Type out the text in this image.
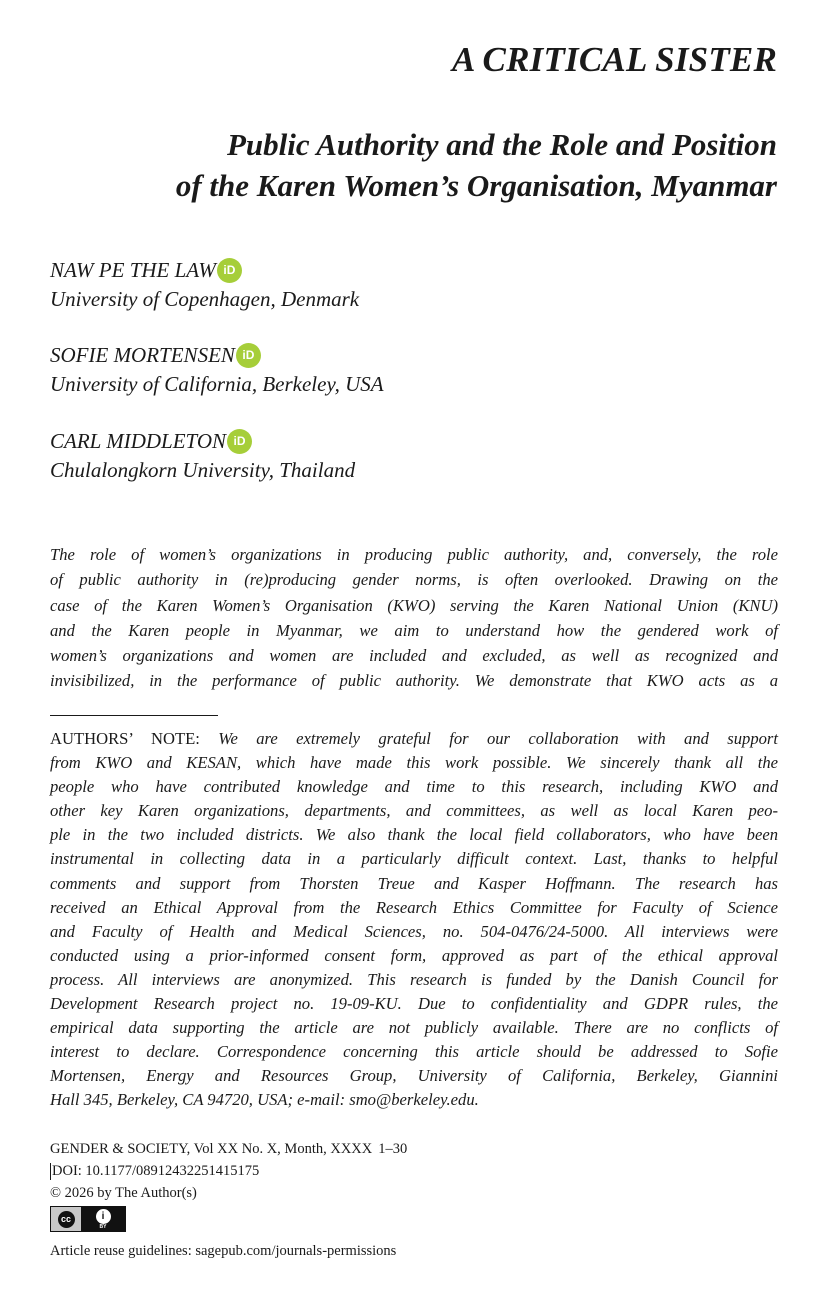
A CRITICAL SISTER
Public Authority and the Role and Position
of the Karen Women’s Organisation, Myanmar
NAW PE THE LAW iD
University of Copenhagen, Denmark
SOFIE MORTENSEN iD
University of California, Berkeley, USA
CARL MIDDLETON iD
Chulalongkorn University, Thailand
The role of women’s organizations in producing public authority, and, conversely, the role
of public authority in (re)producing gender norms, is often overlooked. Drawing on the
case of the Karen Women’s Organisation (KWO) serving the Karen National Union (KNU)
and the Karen people in Myanmar, we aim to understand how the gendered work of
women’s organizations and women are included and excluded, as well as recognized and
invisibilized, in the performance of public authority. We demonstrate that KWO acts as a
AUTHORS’ NOTE: We are extremely grateful for our collaboration with and support
from KWO and KESAN, which have made this work possible. We sincerely thank all the
people who have contributed knowledge and time to this research, including KWO and
other key Karen organizations, departments, and committees, as well as local Karen peo-
ple in the two included districts. We also thank the local field collaborators, who have been
instrumental in collecting data in a particularly difficult context. Last, thanks to helpful
comments and support from Thorsten Treue and Kasper Hoffmann. The research has
received an Ethical Approval from the Research Ethics Committee for Faculty of Science
and Faculty of Health and Medical Sciences, no. 504-0476/24-5000. All interviews were
conducted using a prior-informed consent form, approved as part of the ethical approval
process. All interviews are anonymized. This research is funded by the Danish Council for
Development Research project no. 19-09-KU. Due to confidentiality and GDPR rules, the
empirical data supporting the article are not publicly available. There are no conflicts of
interest to declare. Correspondence concerning this article should be addressed to Sofie
Mortensen, Energy and Resources Group, University of California, Berkeley, Giannini
Hall 345, Berkeley, CA 94720, USA; e-mail: smo@berkeley.edu.
GENDER & SOCIETY, Vol XX No. X, Month, XXXX 1–30
DOI: 10.1177/08912432251415175
© 2026 by The Author(s)
cc	i
BY
Article reuse guidelines: sagepub.com/journals-permissions
